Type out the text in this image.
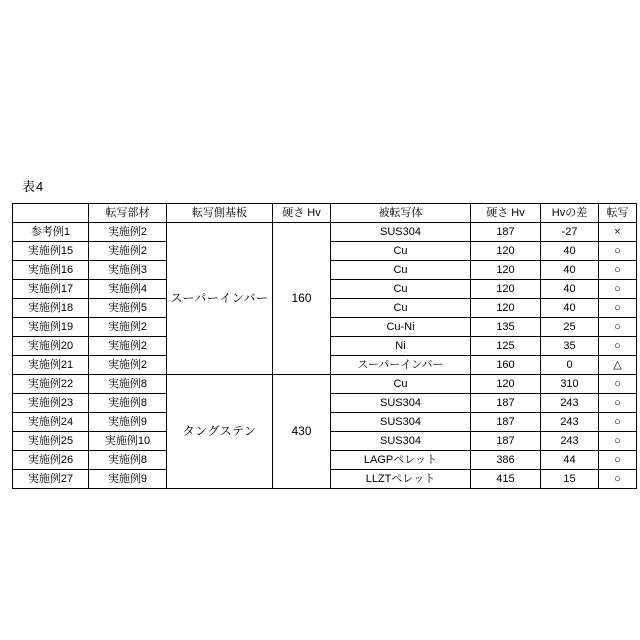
表4
	転写部材	転写側基板	硬さ Hv	被転写体	硬さ Hv	Hvの差	転写
参考例1	実施例2	スーパーインバー	160	SUS304	187	-27	×
実施例15	実施例2			Cu	120	40	○
実施例16	実施例3			Cu	120	40	○
実施例17	実施例4			Cu	120	40	○
実施例18	実施例5			Cu	120	40	○
実施例19	実施例2			Cu-Ni	135	25	○
実施例20	実施例2			Ni	125	35	○
実施例21	実施例2			スーパーインバー	160	0	△
実施例22	実施例8	タングステン	430	Cu	120	310	○
実施例23	実施例8			SUS304	187	243	○
実施例24	実施例9			SUS304	187	243	○
実施例25	実施例10			SUS304	187	243	○
実施例26	実施例8			LAGPペレット	386	44	○
実施例27	実施例9			LLZTペレット	415	15	○
